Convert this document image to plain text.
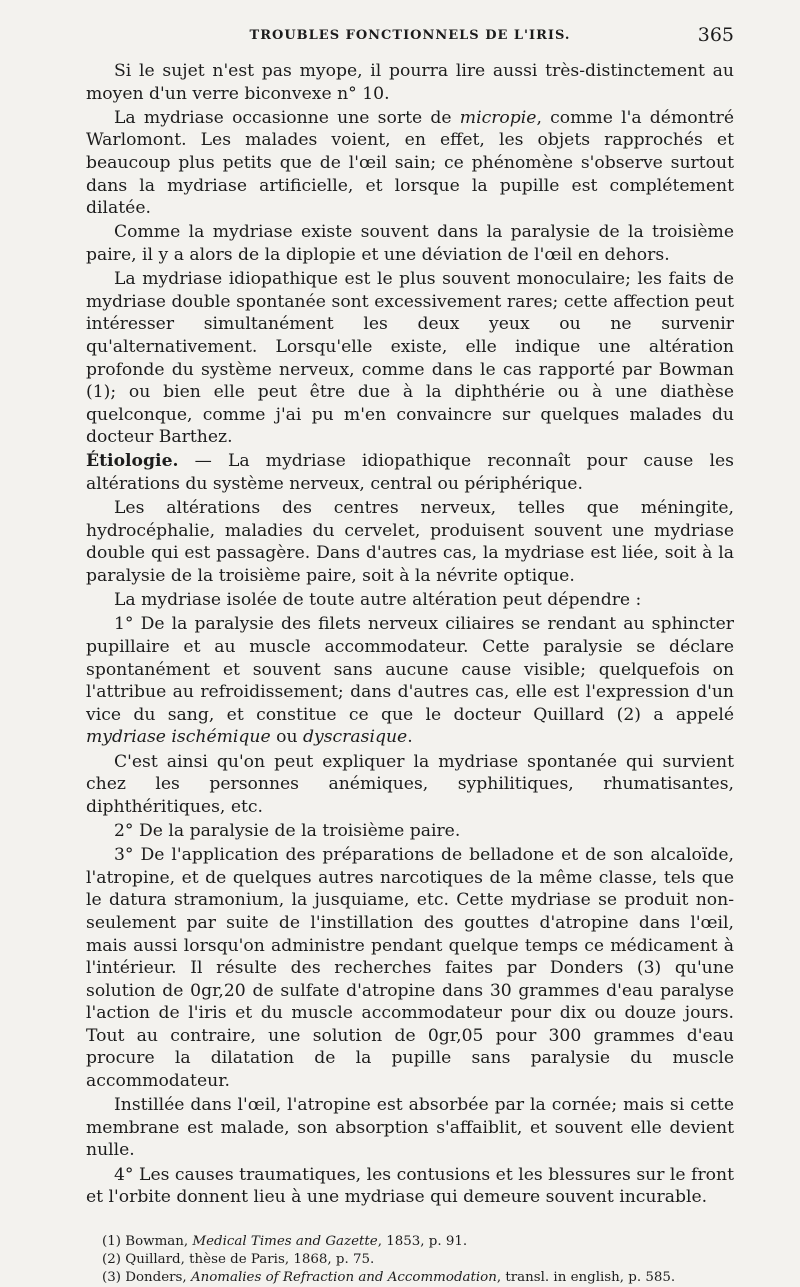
TROUBLES FONCTIONNELS DE L'IRIS.	365

Si le sujet n'est pas myope, il pourra lire aussi très-distinctement au moyen d'un verre biconvexe n° 10.

La mydriase occasionne une sorte de micropie, comme l'a démontré Warlomont. Les malades voient, en effet, les objets rapprochés et beaucoup plus petits que de l'œil sain; ce phénomène s'observe surtout dans la mydriase artificielle, et lorsque la pupille est complétement dilatée.

Comme la mydriase existe souvent dans la paralysie de la troisième paire, il y a alors de la diplopie et une déviation de l'œil en dehors.

La mydriase idiopathique est le plus souvent monoculaire; les faits de mydriase double spontanée sont excessivement rares; cette affection peut intéresser simultanément les deux yeux ou ne survenir qu'alternativement. Lorsqu'elle existe, elle indique une altération profonde du système nerveux, comme dans le cas rapporté par Bowman (1); ou bien elle peut être due à la diphthérie ou à une diathèse quelconque, comme j'ai pu m'en convaincre sur quelques malades du docteur Barthez.

Étiologie. — La mydriase idiopathique reconnaît pour cause les altérations du système nerveux, central ou périphérique.

Les altérations des centres nerveux, telles que méningite, hydrocéphalie, maladies du cervelet, produisent souvent une mydriase double qui est passagère. Dans d'autres cas, la mydriase est liée, soit à la paralysie de la troisième paire, soit à la névrite optique.

La mydriase isolée de toute autre altération peut dépendre :

1° De la paralysie des filets nerveux ciliaires se rendant au sphincter pupillaire et au muscle accommodateur. Cette paralysie se déclare spontanément et souvent sans aucune cause visible; quelquefois on l'attribue au refroidissement; dans d'autres cas, elle est l'expression d'un vice du sang, et constitue ce que le docteur Quillard (2) a appelé mydriase ischémique ou dyscrasique.

C'est ainsi qu'on peut expliquer la mydriase spontanée qui survient chez les personnes anémiques, syphilitiques, rhumatisantes, diphthéritiques, etc.

2° De la paralysie de la troisième paire.

3° De l'application des préparations de belladone et de son alcaloïde, l'atropine, et de quelques autres narcotiques de la même classe, tels que le datura stramonium, la jusquiame, etc. Cette mydriase se produit non-seulement par suite de l'instillation des gouttes d'atropine dans l'œil, mais aussi lorsqu'on administre pendant quelque temps ce médicament à l'intérieur. Il résulte des recherches faites par Donders (3) qu'une solution de 0gr,20 de sulfate d'atropine dans 30 grammes d'eau paralyse l'action de l'iris et du muscle accommodateur pour dix ou douze jours. Tout au contraire, une solution de 0gr,05 pour 300 grammes d'eau procure la dilatation de la pupille sans paralysie du muscle accommodateur.

Instillée dans l'œil, l'atropine est absorbée par la cornée; mais si cette membrane est malade, son absorption s'affaiblit, et souvent elle devient nulle.

4° Les causes traumatiques, les contusions et les blessures sur le front et l'orbite donnent lieu à une mydriase qui demeure souvent incurable.

(1) Bowman, Medical Times and Gazette, 1853, p. 91.

(2) Quillard, thèse de Paris, 1868, p. 75.

(3) Donders, Anomalies of Refraction and Accommodation, transl. in english, p. 585.
